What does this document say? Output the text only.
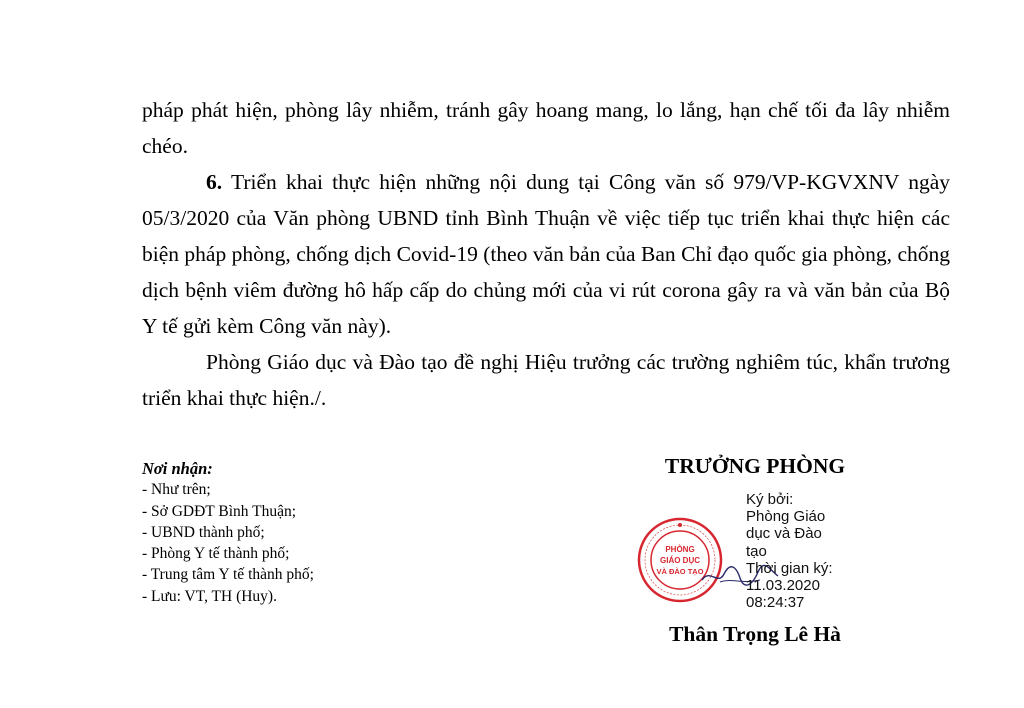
pháp phát hiện, phòng lây nhiễm, tránh gây hoang mang, lo lắng, hạn chế tối đa lây nhiễm chéo.

6. Triển khai thực hiện những nội dung tại Công văn số 979/VP-KGVXNV ngày 05/3/2020 của Văn phòng UBND tỉnh Bình Thuận về việc tiếp tục triển khai thực hiện các biện pháp phòng, chống dịch Covid-19 (theo văn bản của Ban Chỉ đạo quốc gia phòng, chống dịch bệnh viêm đường hô hấp cấp do chủng mới của vi rút corona gây ra và văn bản của Bộ Y tế gửi kèm Công văn này).

Phòng Giáo dục và Đào tạo đề nghị Hiệu trưởng các trường nghiêm túc, khẩn trương triển khai thực hiện./.

Nơi nhận:
- Như trên;
- Sở GDĐT Bình Thuận;
- UBND thành phố;
- Phòng Y tế thành phố;
- Trung tâm Y tế thành phố;
- Lưu: VT, TH (Huy).
TRƯỞNG PHÒNG
PHÒNG
GIÁO DỤC
VÀ ĐÀO TẠO
Ký bởi:
Phòng Giáo
dục và Đào
tạo
Thời gian ký:
11.03.2020
08:24:37
Thân Trọng Lê Hà
